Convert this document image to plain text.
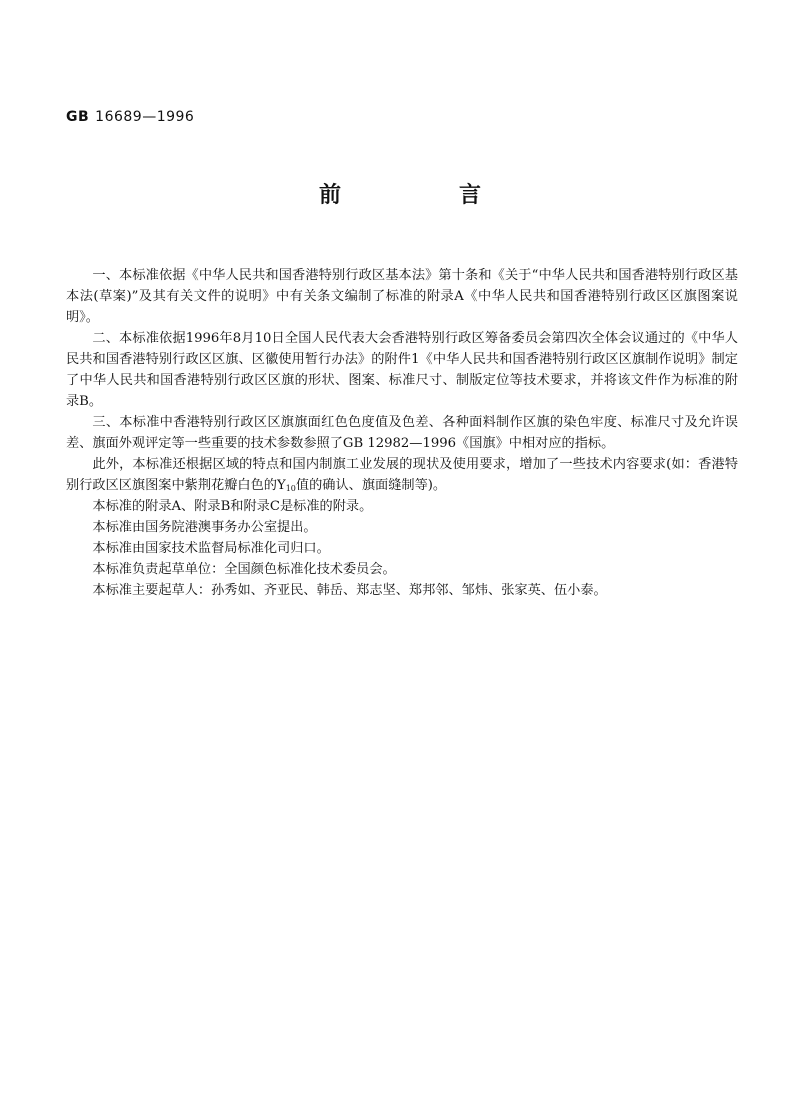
GB 16689—1996
前　言

一、本标准依据《中华人民共和国香港特别行政区基本法》第十条和《关于“中华人民共和国香港特别行政区基本法(草案)”及其有关文件的说明》中有关条文编制了标准的附录A《中华人民共和国香港特别行政区区旗图案说明》。

二、本标准依据1996年8月10日全国人民代表大会香港特别行政区筹备委员会第四次全体会议通过的《中华人民共和国香港特别行政区区旗、区徽使用暂行办法》的附件1《中华人民共和国香港特别行政区区旗制作说明》制定了中华人民共和国香港特别行政区区旗的形状、图案、标准尺寸、制版定位等技术要求，并将该文件作为标准的附录B。

三、本标准中香港特别行政区区旗旗面红色色度值及色差、各种面料制作区旗的染色牢度、标准尺寸及允许误差、旗面外观评定等一些重要的技术参数参照了GB 12982—1996《国旗》中相对应的指标。

此外，本标准还根据区域的特点和国内制旗工业发展的现状及使用要求，增加了一些技术内容要求(如：香港特别行政区区旗图案中紫荆花瓣白色的$Y_{10}$值的确认、旗面缝制等)。

本标准的附录A、附录B和附录C是标准的附录。

本标准由国务院港澳事务办公室提出。

本标准由国家技术监督局标准化司归口。

本标准负责起草单位：全国颜色标准化技术委员会。

本标准主要起草人：孙秀如、齐亚民、韩岳、郑志坚、郑邦邻、邹炜、张家英、伍小泰。
